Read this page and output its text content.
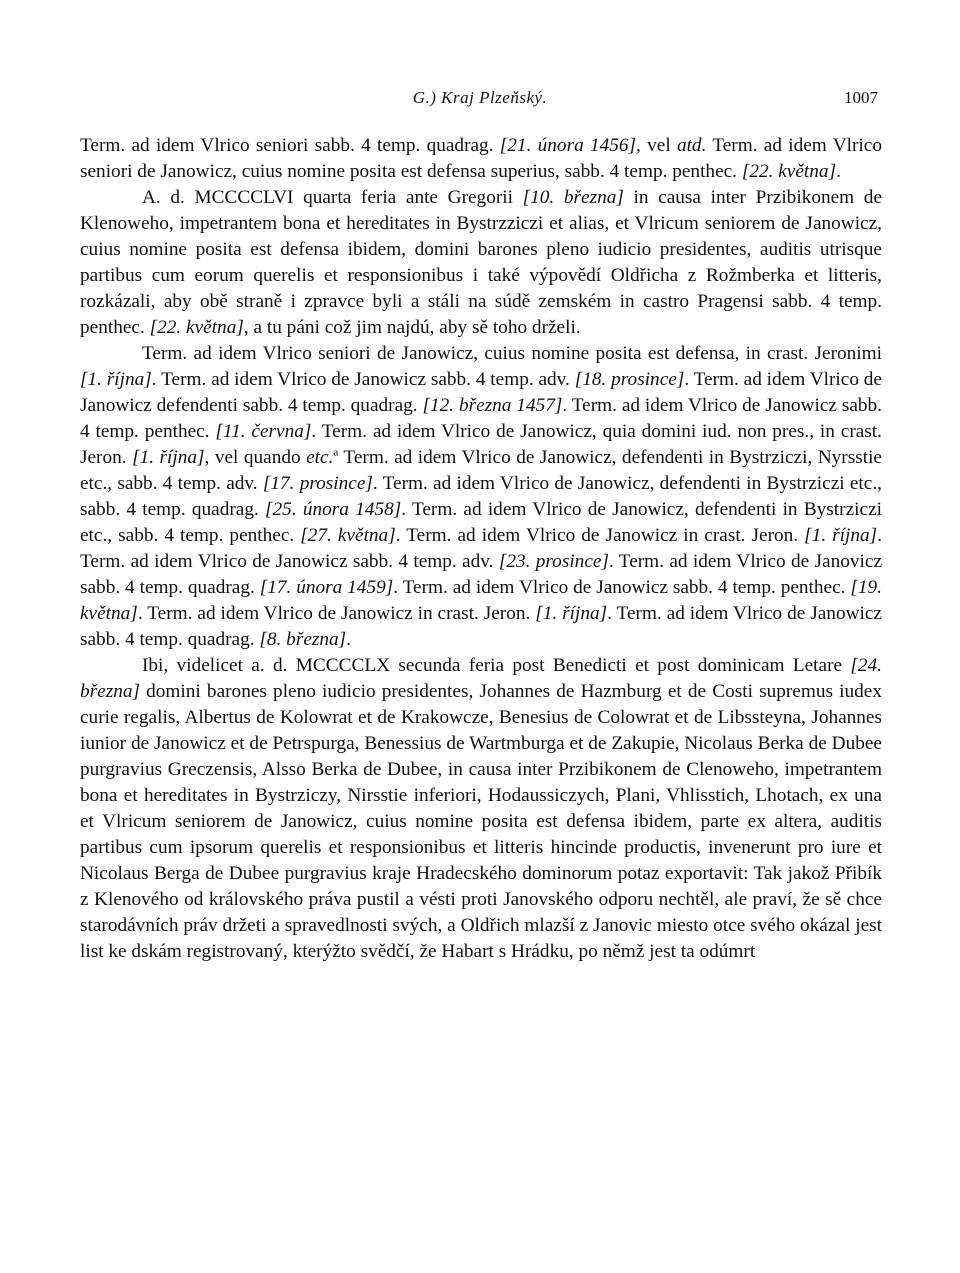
G.) Kraj Plzeňský.	1007

Term. ad idem Vlrico seniori sabb. 4 temp. quadrag. [21. února 1456], vel atd. Term. ad idem Vlrico seniori de Janowicz, cuius nomine posita est defensa superius, sabb. 4 temp. penthec. [22. května].

A. d. MCCCCLVI quarta feria ante Gregorii [10. března] in causa inter Przibikonem de Klenoweho, impetrantem bona et hereditates in Bystrzziczi et alias, et Vlricum seniorem de Janowicz, cuius nomine posita est defensa ibidem, domini barones pleno iudicio presidentes, auditis utrisque partibus cum eorum querelis et responsionibus i také výpovědí Oldřicha z Rožmberka et litteris, rozkázali, aby obě straně i zpravce byli a stáli na súdě zemském in castro Pragensi sabb. 4 temp. penthec. [22. května], a tu páni což jim najdú, aby sě toho drželi.

Term. ad idem Vlrico seniori de Janowicz, cuius nomine posita est defensa, in crast. Jeronimi [1. října]. Term. ad idem Vlrico de Janowicz sabb. 4 temp. adv. [18. prosince]. Term. ad idem Vlrico de Janowicz defendenti sabb. 4 temp. quadrag. [12. března 1457]. Term. ad idem Vlrico de Janowicz sabb. 4 temp. penthec. [11. června]. Term. ad idem Vlrico de Janowicz, quia domini iud. non pres., in crast. Jeron. [1. října], vel quando etc.$^a$ Term. ad idem Vlrico de Janowicz, defendenti in Bystrziczi, Nyrsstie etc., sabb. 4 temp. adv. [17. prosince]. Term. ad idem Vlrico de Janowicz, defendenti in Bystrziczi etc., sabb. 4 temp. quadrag. [25. února 1458]. Term. ad idem Vlrico de Janowicz, defendenti in Bystrziczi etc., sabb. 4 temp. penthec. [27. května]. Term. ad idem Vlrico de Janowicz in crast. Jeron. [1. října]. Term. ad idem Vlrico de Janowicz sabb. 4 temp. adv. [23. prosince]. Term. ad idem Vlrico de Janovicz sabb. 4 temp. quadrag. [17. února 1459]. Term. ad idem Vlrico de Janowicz sabb. 4 temp. penthec. [19. května]. Term. ad idem Vlrico de Janowicz in crast. Jeron. [1. října]. Term. ad idem Vlrico de Janowicz sabb. 4 temp. quadrag. [8. března].

Ibi, videlicet a. d. MCCCCLX secunda feria post Benedicti et post dominicam Letare [24. března] domini barones pleno iudicio presidentes, Johannes de Hazmburg et de Costi supremus iudex curie regalis, Albertus de Kolowrat et de Krakowcze, Benesius de Colowrat et de Libssteyna, Johannes iunior de Janowicz et de Petrspurga, Benessius de Wartmburga et de Zakupie, Nicolaus Berka de Dubee purgravius Greczensis, Alsso Berka de Dubee, in causa inter Przibikonem de Clenoweho, impetrantem bona et hereditates in Bystrziczy, Nirsstie inferiori, Hodaussiczych, Plani, Vhlisstich, Lhotach, ex una et Vlricum seniorem de Janowicz, cuius nomine posita est defensa ibidem, parte ex altera, auditis partibus cum ipsorum querelis et responsionibus et litteris hincinde productis, invenerunt pro iure et Nicolaus Berga de Dubee purgravius kraje Hradecského dominorum potaz exportavit: Tak jakož Přibík z Klenového od královského práva pustil a vésti proti Janovského odporu nechtěl, ale praví, že sě chce starodávních práv držeti a spravedlnosti svých, a Oldřich mlazší z Janovic miesto otce svého okázal jest list ke dskám registrovaný, kterýžto svědčí, že Habart s Hrádku, po němž jest ta odúmrt
